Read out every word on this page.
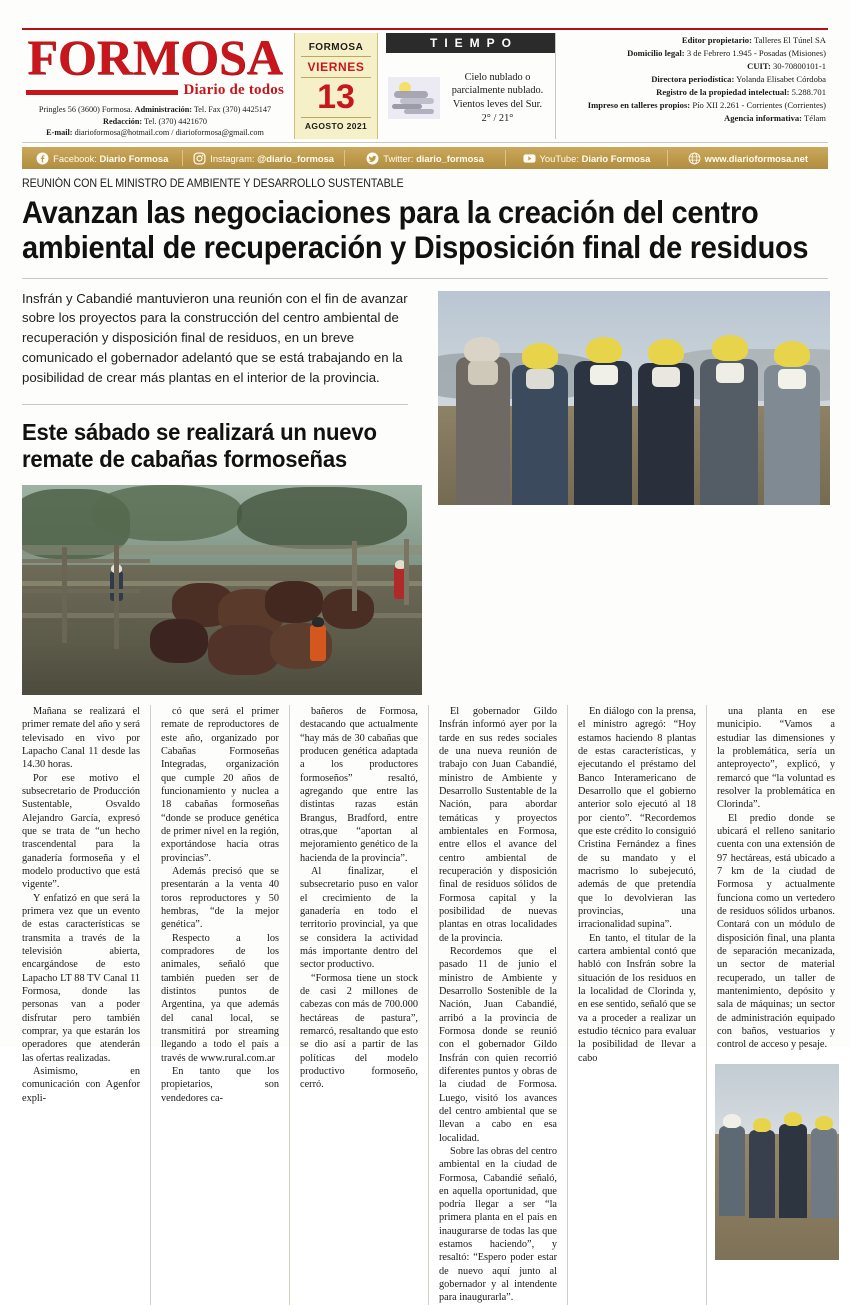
FORMOSA
Diario de todos
Pringles 56 (3600) Formosa. Administración: Tel. Fax (370) 4425147
Redacción: Tel. (370) 4421670
E-mail: diarioformosa@hotmail.com / diarioformosa@gmail.com
FORMOSA
VIERNES
13
AGOSTO 2021
TIEMPO
Cielo nublado o parcialmente nublado. Vientos leves del Sur.
2° / 21°
Editor propietario: Talleres El Túnel SA
Domicilio legal: 3 de Febrero 1.945 - Posadas (Misiones)
CUIT: 30-70800101-1
Directora periodística: Yolanda Elisabet Córdoba
Registro de la propiedad intelectual: 5.288.701
Impreso en talleres propios: Pío XII 2.261 - Corrientes (Corrientes)
Agencia informativa: Télam
Facebook: Diario Formosa	Instagram: @diario_formosa	Twitter: diario_formosa	YouTube: Diario Formosa	www.diarioformosa.net
REUNIÓN CON EL MINISTRO DE AMBIENTE Y DESARROLLO SUSTENTABLE
Avanzan las negociaciones para la creación del centro ambiental de recuperación y Disposición final de residuos
Insfrán y Cabandié mantuvieron una reunión con el fin de avanzar sobre los proyectos para la construcción del centro ambiental de recuperación y disposición final de residuos, en un breve comunicado el gobernador adelantó que se está trabajando en la posibilidad de crear más plantas en el interior de la provincia.
Este sábado se realizará un nuevo remate de cabañas formoseñas

Mañana se realizará el primer remate del año y será televisado en vivo por Lapacho Canal 11 desde las 14.30 horas.

Por ese motivo el subsecretario de Producción Sustentable, Osvaldo Alejandro García, expresó que se trata de “un hecho trascendental para la ganadería formoseña y el modelo productivo que está vigente”.

Y enfatizó en que será la primera vez que un evento de estas características se transmita a través de la televisión abierta, encargándose de esto Lapacho LT 88 TV Canal 11 Formosa, donde las personas van a poder disfrutar pero también comprar, ya que estarán los operadores que atenderán las ofertas realizadas.

Asimismo, en comunicación con Agenfor expli-

có que será el primer remate de reproductores de este año, organizado por Cabañas Formoseñas Integradas, organización que cumple 20 años de funcionamiento y nuclea a 18 cabañas formoseñas “donde se produce genética de primer nivel en la región, exportándose hacia otras provincias”.

Además precisó que se presentarán a la venta 40 toros reproductores y 50 hembras, “de la mejor genética”.

Respecto a los compradores de los animales, señaló que también pueden ser de distintos puntos de Argentina, ya que además del canal local, se transmitirá por streaming llegando a todo el país a través de www.rural.com.ar

En tanto que los propietarios, son vendedores ca-

bañeros de Formosa, destacando que actualmente “hay más de 30 cabañas que producen genética adaptada a los productores formoseños” resaltó, agregando que entre las distintas razas están Brangus, Bradford, entre otras,que “aportan al mejoramiento genético de la hacienda de la provincia”.

Al finalizar, el subsecretario puso en valor el crecimiento de la ganadería en todo el territorio provincial, ya que se considera la actividad más importante dentro del sector productivo.

“Formosa tiene un stock de casi 2 millones de cabezas con más de 700.000 hectáreas de pastura”, remarcó, resaltando que esto se dio así a partir de las políticas del modelo productivo formoseño, cerró.

El gobernador Gildo Insfrán informó ayer por la tarde en sus redes sociales de una nueva reunión de trabajo con Juan Cabandié, ministro de Ambiente y Desarrollo Sustentable de la Nación, para abordar temáticas y proyectos ambientales en Formosa, entre ellos el avance del centro ambiental de recuperación y disposición final de residuos sólidos de Formosa capital y la posibilidad de nuevas plantas en otras localidades de la provincia.

Recordemos que el pasado 11 de junio el ministro de Ambiente y Desarrollo Sostenible de la Nación, Juan Cabandié, arribó a la provincia de Formosa donde se reunió con el gobernador Gildo Insfrán con quien recorrió diferentes puntos y obras de la ciudad de Formosa. Luego, visitó los avances del centro ambiental que se llevan a cabo en esa localidad.

Sobre las obras del centro ambiental en la ciudad de Formosa, Cabandié señaló, en aquella oportunidad, que podría llegar a ser “la primera planta en el país en inaugurarse de todas las que estamos haciendo”, y resaltó: “Espero poder estar de nuevo aquí junto al gobernador y al intendente para inaugurarla”.

En diálogo con la prensa, el ministro agregó: “Hoy estamos haciendo 8 plantas de estas características, y ejecutando el préstamo del Banco Interamericano de Desarrollo que el gobierno anterior solo ejecutó al 18 por ciento”. “Recordemos que este crédito lo consiguió Cristina Fernández a fines de su mandato y el macrismo lo subejecutó, además de que pretendía que lo devolvieran las provincias, una irracionalidad supina”.

En tanto, el titular de la cartera ambiental contó que habló con Insfrán sobre la situación de los residuos en la localidad de Clorinda y, en ese sentido, señaló que se va a proceder a realizar un estudio técnico para evaluar la posibilidad de llevar a cabo

una planta en ese municipio. “Vamos a estudiar las dimensiones y la problemática, sería un anteproyecto”, explicó, y remarcó que “la voluntad es resolver la problemática en Clorinda”.

El predio donde se ubicará el relleno sanitario cuenta con una extensión de 97 hectáreas, está ubicado a 7 km de la ciudad de Formosa y actualmente funciona como un vertedero de residuos sólidos urbanos. Contará con un módulo de disposición final, una planta de separación mecanizada, un sector de material recuperado, un taller de mantenimiento, depósito y sala de máquinas; un sector de administración equipado con baños, vestuarios y control de acceso y pesaje.
